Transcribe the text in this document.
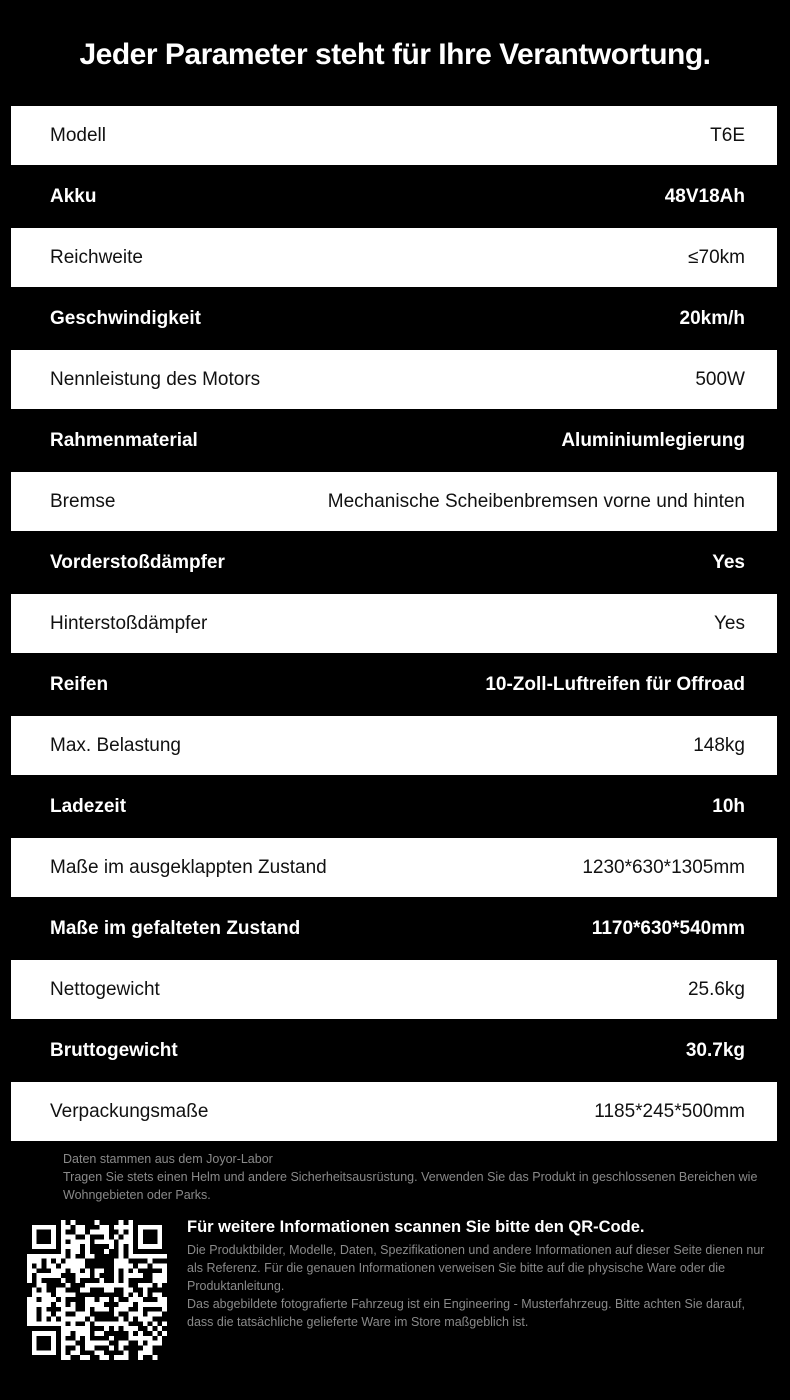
Jeder Parameter steht für Ihre Verantwortung.
Modell	T6E
Akku	48V18Ah
Reichweite	≤70km
Geschwindigkeit	20km/h
Nennleistung des Motors	500W
Rahmenmaterial	Aluminiumlegierung
Bremse	Mechanische Scheibenbremsen vorne und hinten
Vorderstoßdämpfer	Yes
Hinterstoßdämpfer	Yes
Reifen	10-Zoll-Luftreifen für Offroad
Max. Belastung	148kg
Ladezeit	10h
Maße im ausgeklappten Zustand	1230*630*1305mm
Maße im gefalteten Zustand	1170*630*540mm
Nettogewicht	25.6kg
Bruttogewicht	30.7kg
Verpackungsmaße	1185*245*500mm
Daten stammen aus dem Joyor-Labor
Tragen Sie stets einen Helm und andere Sicherheitsausrüstung. Verwenden Sie das Produkt in geschlossenen Bereichen wie Wohngebieten oder Parks.
Für weitere Informationen scannen Sie bitte den QR-Code.
Die Produktbilder, Modelle, Daten, Spezifikationen und andere Informationen auf dieser Seite dienen nur als Referenz. Für die genauen Informationen verweisen Sie bitte auf die physische Ware oder die Produktanleitung.
Das abgebildete fotografierte Fahrzeug ist ein Engineering - Musterfahrzeug. Bitte achten Sie darauf, dass die tatsächliche gelieferte Ware im Store maßgeblich ist.
